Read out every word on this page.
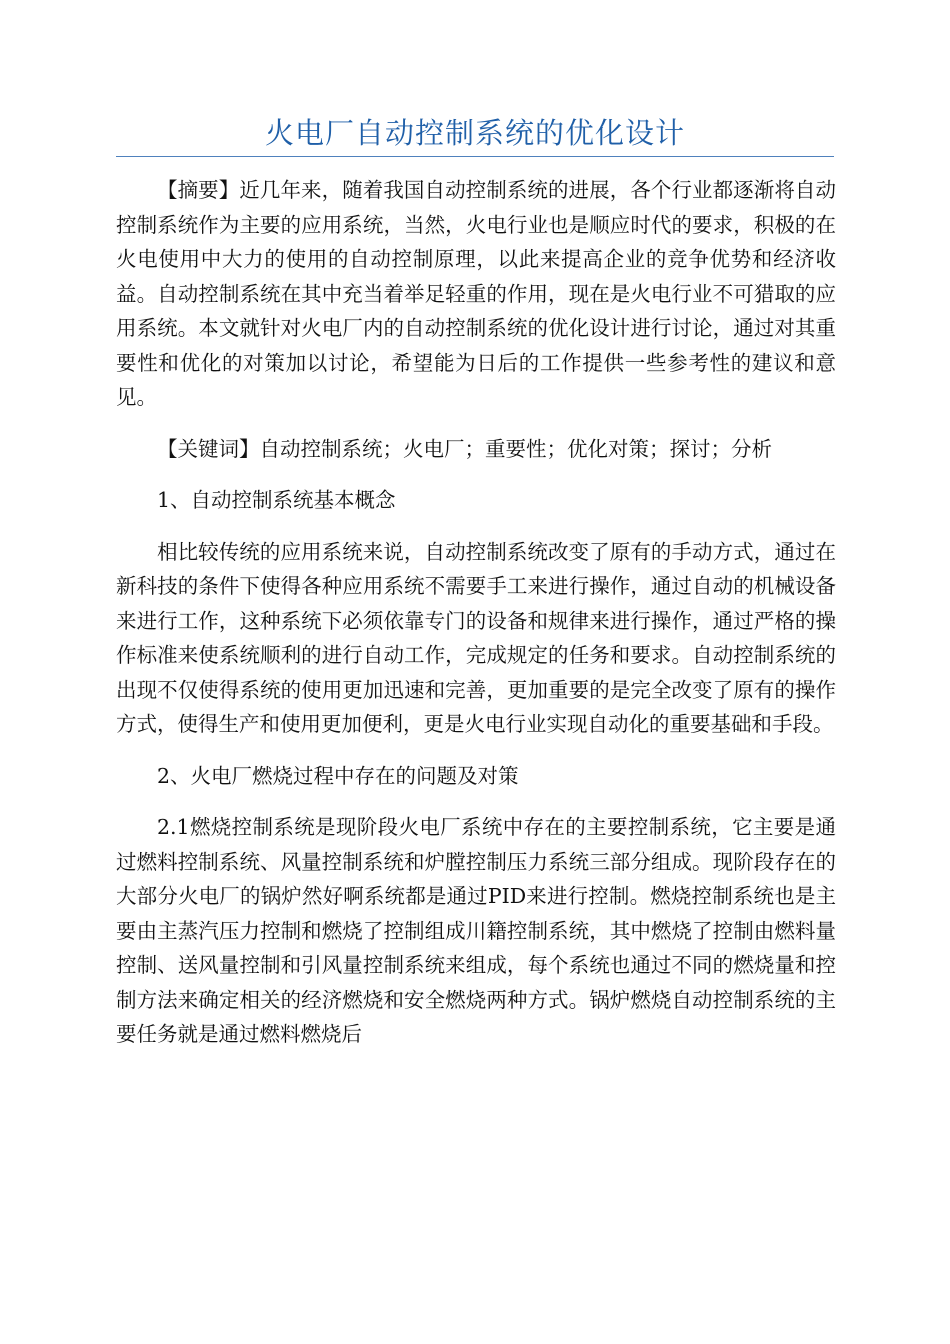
火电厂自动控制系统的优化设计

【摘要】近几年来，随着我国自动控制系统的进展，各个行业都逐渐将自动控制系统作为主要的应用系统，当然，火电行业也是顺应时代的要求，积极的在火电使用中大力的使用的自动控制原理，以此来提高企业的竞争优势和经济收益。自动控制系统在其中充当着举足轻重的作用，现在是火电行业不可猎取的应用系统。本文就针对火电厂内的自动控制系统的优化设计进行讨论，通过对其重要性和优化的对策加以讨论，希望能为日后的工作提供一些参考性的建议和意见。

【关键词】自动控制系统；火电厂；重要性；优化对策；探讨；分析

1、自动控制系统基本概念

相比较传统的应用系统来说，自动控制系统改变了原有的手动方式，通过在新科技的条件下使得各种应用系统不需要手工来进行操作，通过自动的机械设备来进行工作，这种系统下必须依靠专门的设备和规律来进行操作，通过严格的操作标准来使系统顺利的进行自动工作，完成规定的任务和要求。自动控制系统的出现不仅使得系统的使用更加迅速和完善，更加重要的是完全改变了原有的操作方式，使得生产和使用更加便利，更是火电行业实现自动化的重要基础和手段。

2、火电厂燃烧过程中存在的问题及对策

2.1燃烧控制系统是现阶段火电厂系统中存在的主要控制系统，它主要是通过燃料控制系统、风量控制系统和炉膛控制压力系统三部分组成。现阶段存在的大部分火电厂的锅炉然好啊系统都是通过PID来进行控制。燃烧控制系统也是主要由主蒸汽压力控制和燃烧了控制组成川籍控制系统，其中燃烧了控制由燃料量控制、送风量控制和引风量控制系统来组成，每个系统也通过不同的燃烧量和控制方法来确定相关的经济燃烧和安全燃烧两种方式。锅炉燃烧自动控制系统的主要任务就是通过燃料燃烧后
